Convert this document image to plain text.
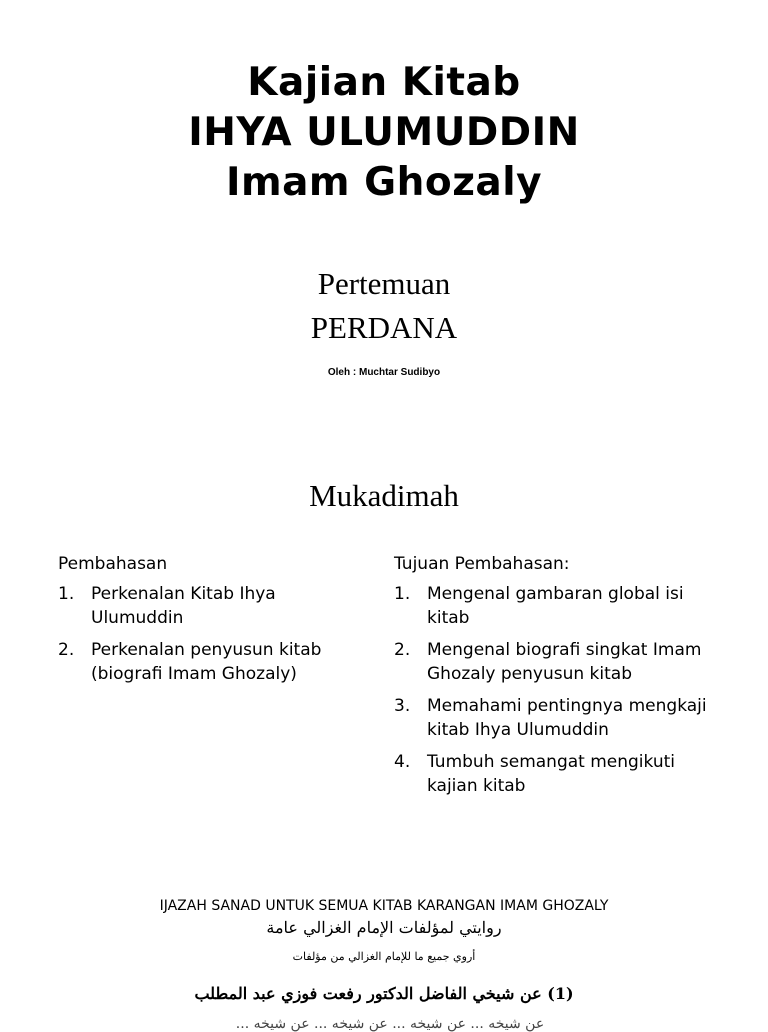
Kajian Kitab
IHYA ULUMUDDIN
Imam Ghozaly
Pertemuan
PERDANA
Oleh : Muchtar Sudibyo
Mukadimah

Pembahasan

1. Perkenalan Kitab Ihya Ulumuddin
2. Perkenalan penyusun kitab (biografi Imam Ghozaly)

Tujuan Pembahasan:

1. Mengenal gambaran global isi kitab
2. Mengenal biografi singkat Imam Ghozaly penyusun kitab
3. Memahami pentingnya mengkaji kitab Ihya Ulumuddin
4. Tumbuh semangat mengikuti kajian kitab
IJAZAH SANAD UNTUK SEMUA KITAB KARANGAN IMAM GHOZALY
روايتي لمؤلفات الإمام الغزالي عامة
أروي جميع ما للإمام الغزالي من مؤلفات
(1) عن شيخي الفاضل الدكتور رفعت فوزي عبد المطلب
عن شيخه ... عن شيخه ... عن شيخه ... عن شيخه ...
